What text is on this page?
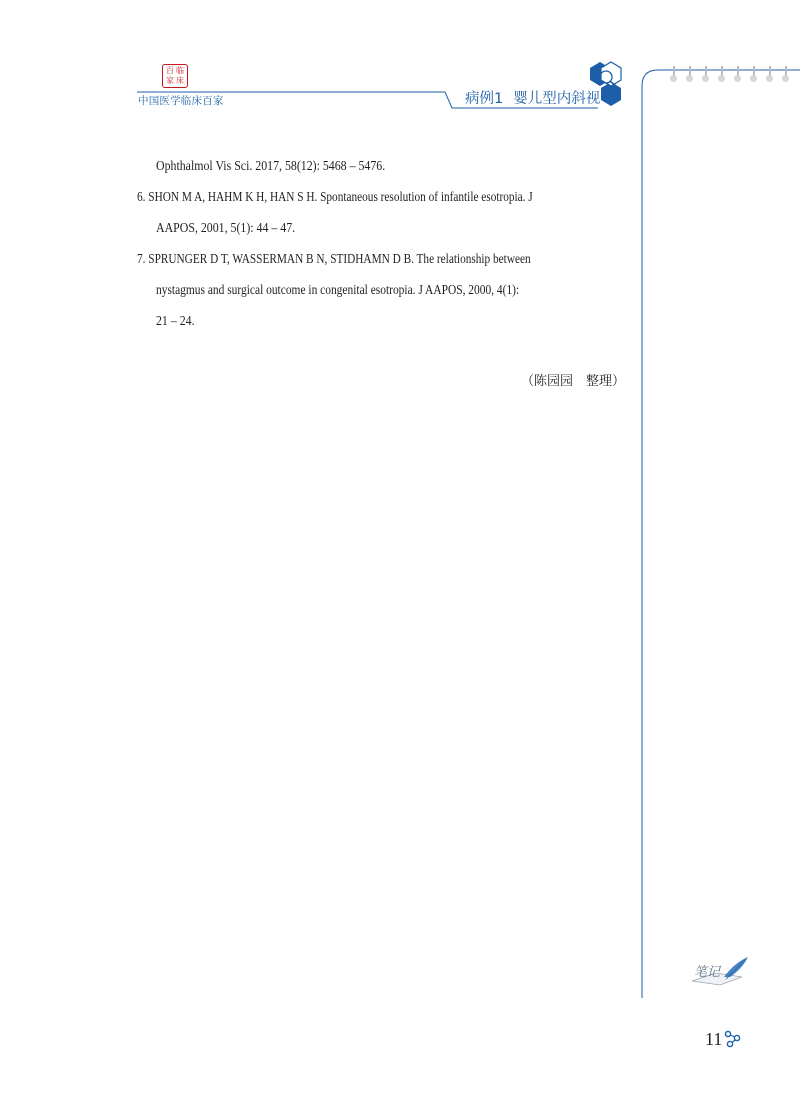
百 临
家 床
中国医学临床百家	病例1 婴儿型内斜视
Ophthalmol Vis Sci. 2017, 58(12): 5468 – 5476.
6. SHON M A, HAHM K H, HAN S H. Spontaneous resolution of infantile esotropia. J
AAPOS, 2001, 5(1): 44 – 47.
7. SPRUNGER D T, WASSERMAN B N, STIDHAMN D B. The relationship between
nystagmus and surgical outcome in congenital esotropia. J AAPOS, 2000, 4(1):
21 – 24.
（陈园园　整理）
笔记
11
